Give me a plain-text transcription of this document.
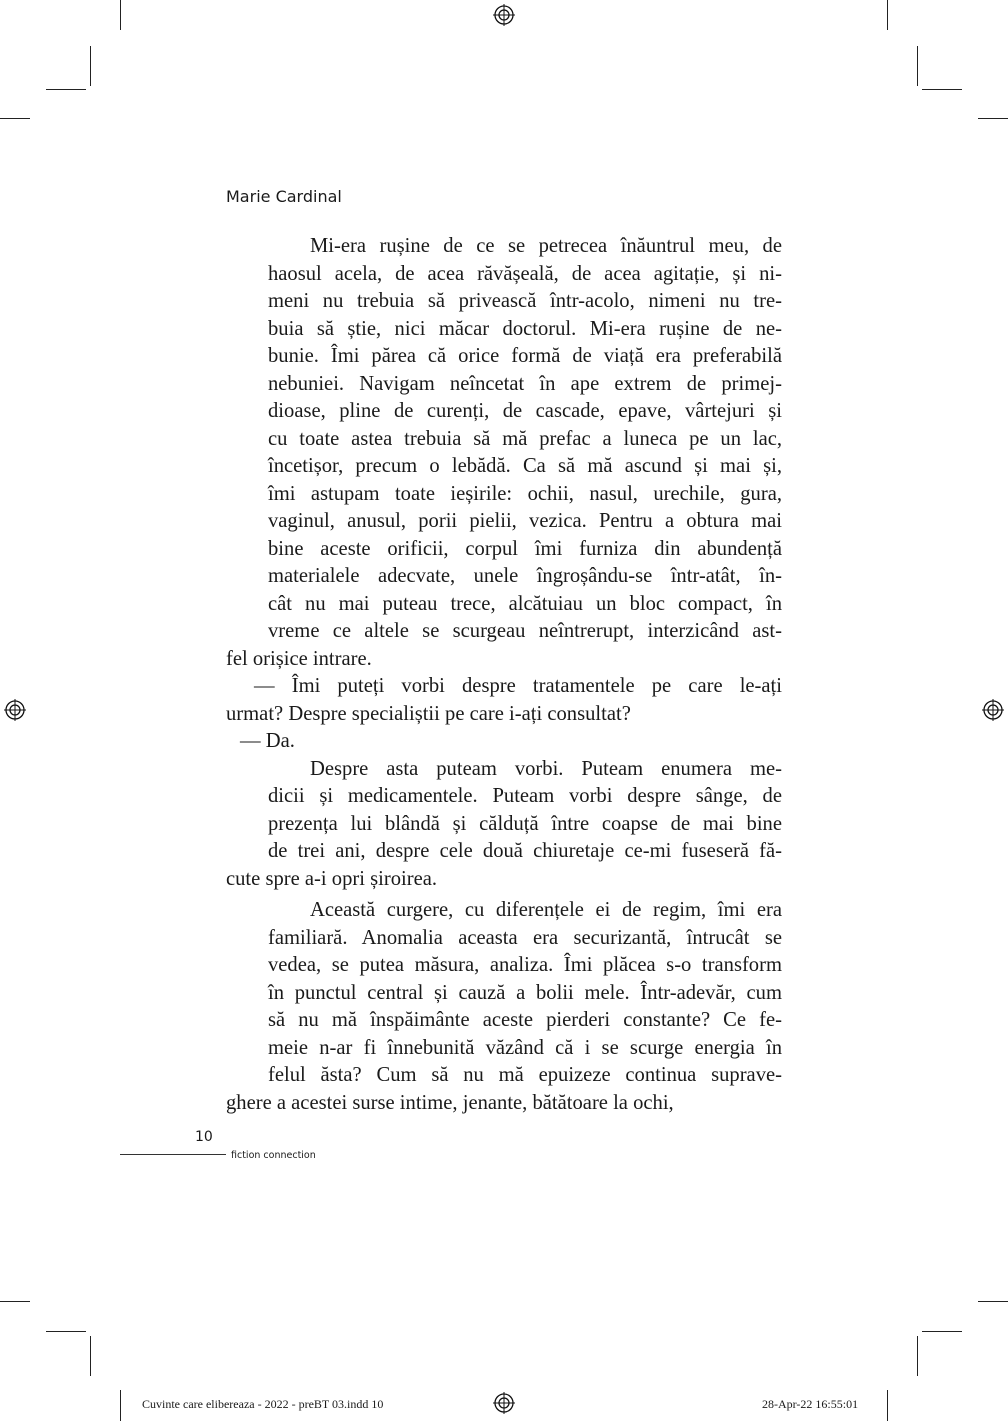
Marie Cardinal

Mi-era rușine de ce se petrecea înăuntrul meu, de
haosul acela, de acea răvășeală, de acea agitație, și ni-
meni nu trebuia să privească într-acolo, nimeni nu tre-
buia să știe, nici măcar doctorul. Mi-era rușine de ne-
bunie. Îmi părea că orice formă de viață era preferabilă
nebuniei. Navigam neîncetat în ape extrem de primej-
dioase, pline de curenți, de cascade, epave, vârtejuri și
cu toate astea trebuia să mă prefac a luneca pe un lac,
încetișor, precum o lebădă. Ca să mă ascund și mai și,
îmi astupam toate ieșirile: ochii, nasul, urechile, gura,
vaginul, anusul, porii pielii, vezica. Pentru a obtura mai
bine aceste orificii, corpul îmi furniza din abundență
materialele adecvate, unele îngroșându-se într-atât, în-
cât nu mai puteau trece, alcătuiau un bloc compact, în
vreme ce altele se scurgeau neîntrerupt, interzicând ast-
fel orișice intrare.

— Îmi puteți vorbi despre tratamentele pe care le-ați
urmat? Despre specialiștii pe care i-ați consultat?

— Da.

Despre asta puteam vorbi. Puteam enumera me-
dicii și medicamentele. Puteam vorbi despre sânge, de
prezența lui blândă și călduță între coapse de mai bine
de trei ani, despre cele două chiuretaje ce-mi fuseseră fă-
cute spre a-i opri șiroirea.

Această curgere, cu diferențele ei de regim, îmi era
familiară. Anomalia aceasta era securizantă, întrucât se
vedea, se putea măsura, analiza. Îmi plăcea s-o transform
în punctul central și cauză a bolii mele. Într-adevăr, cum
să nu mă înspăimânte aceste pierderi constante? Ce fe-
meie n-ar fi înnebunită văzând că i se scurge energia în
felul ăsta? Cum să nu mă epuizeze continua suprave-
ghere a acestei surse intime, jenante, bătătoare la ochi,

10
fiction connection
Cuvinte care elibereaza - 2022 - preBT 03.indd 10	28-Apr-22 16:55:01
